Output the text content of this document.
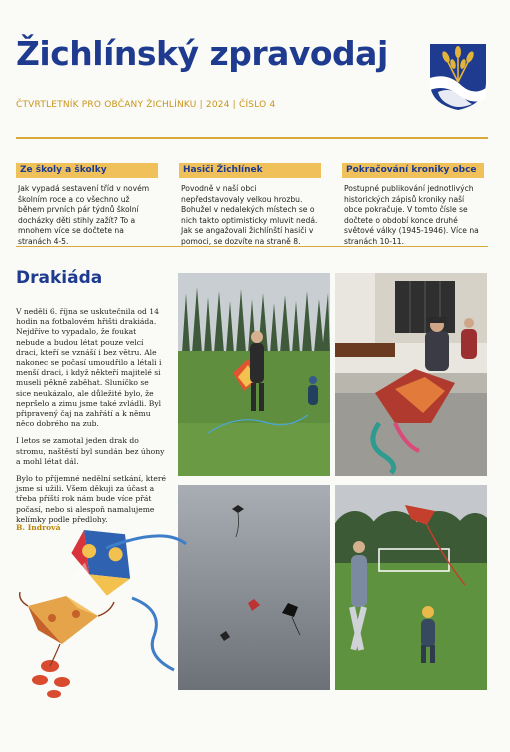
Žichlínský zpravodaj
ČTVRTLETNÍK PRO OBČANY ŽICHLÍNKU | 2024 | ČÍSLO 4
Ze školy a školky
Jak vypadá sestavení tříd v novém školním roce a co všechno už během prvních pár týdnů školní docházky děti stihly zažít? To a mnohem více se dočtete na stranách 4-5.
Hasiči Žichlínek
Povodně v naší obci nepředstavovaly velkou hrozbu. Bohužel v nedalekých místech se o nich takto optimisticky mluvit nedá. Jak se angažovali žichlínští hasiči v pomoci, se dozvíte na straně 8.
Pokračování kroniky obce
Postupné publikování jednotlivých historických zápisů kroniky naší obce pokračuje. V tomto čísle se dočtete o období konce druhé světové války (1945-1946). Více na stranách 10-11.
Drakiáda

V neděli 6. října se uskutečnila od 14 hodin na fotbalovém hřišti drakiáda. Nejdříve to vypadalo, že foukat nebude a budou létat pouze velcí draci, kteří se vznáší i bez větru. Ale nakonec se počasí umoudřilo a létali i menší draci, i když někteří majitelé si museli pěkně zaběhat. Sluníčko se sice neukázalo, ale důležité bylo, že nepršelo a zimu jsme také zvládli. Byl připravený čaj na zahřátí a k němu něco dobrého na zub.

I letos se zamotal jeden drak do stromu, naštěstí byl sundán bez úhony a mohl létat dál.

Bylo to příjemné nedělní setkání, které jsme si užili. Všem děkuji za účast a třeba příští rok nám bude více přát počasí, nebo si alespoň namalujeme kelímky podle předlohy.

B. Indrová
